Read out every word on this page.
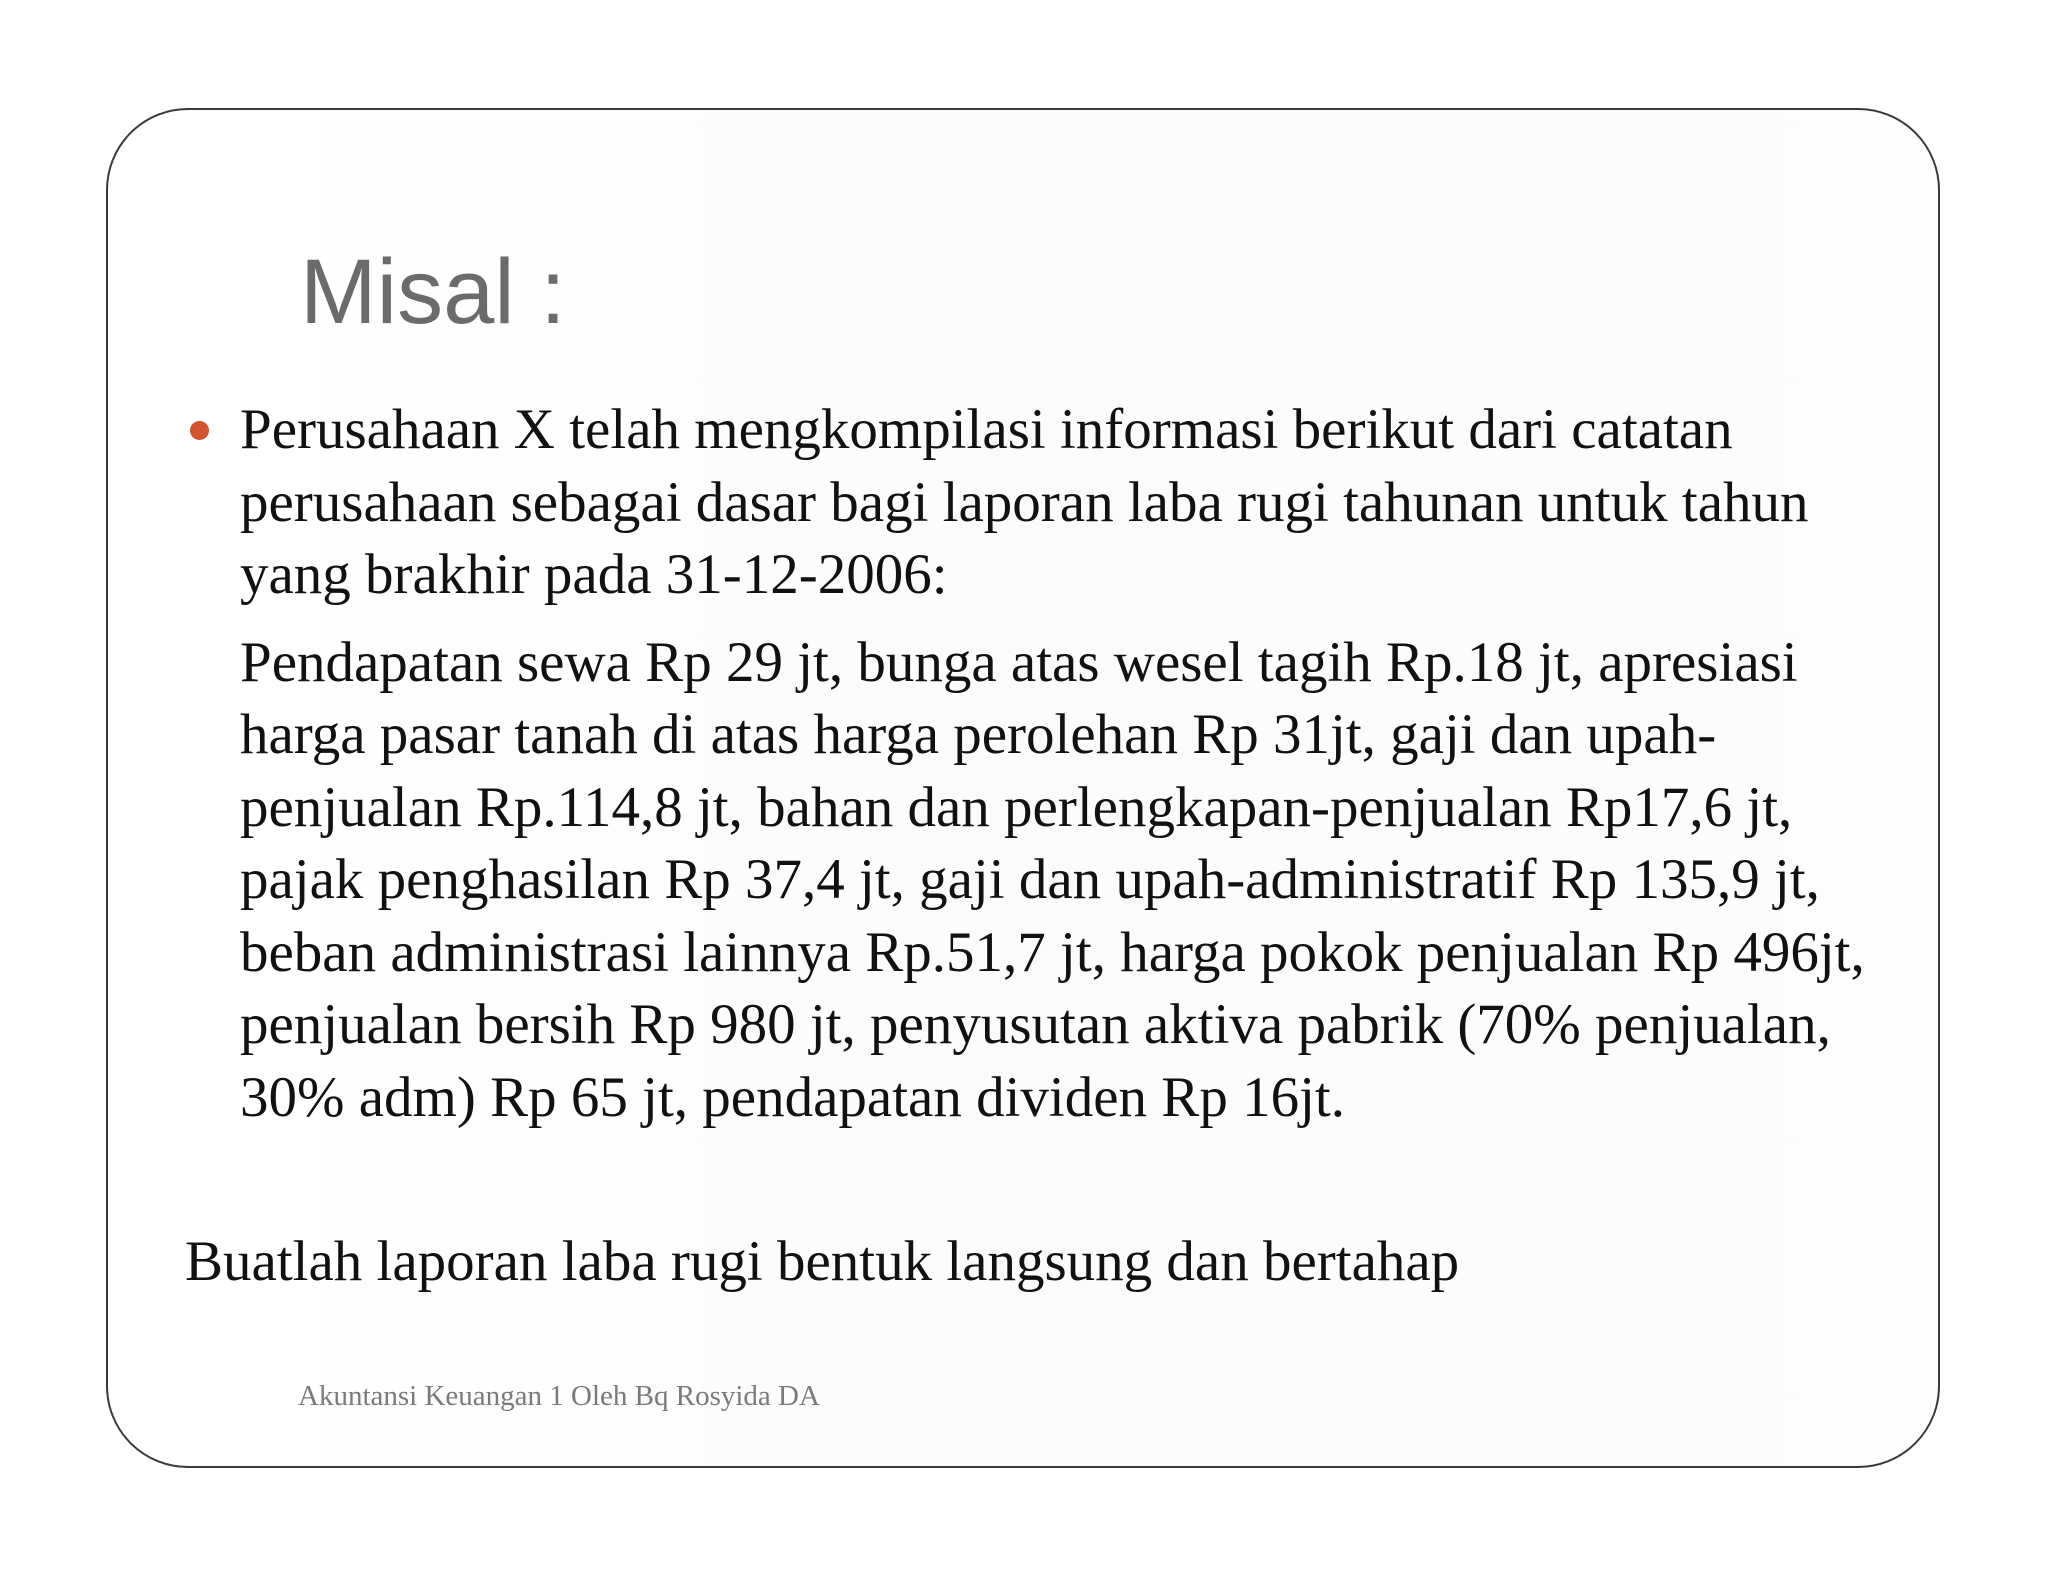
Misal :

Perusahaan X telah mengkompilasi informasi berikut dari catatan perusahaan sebagai dasar bagi laporan laba rugi tahunan untuk tahun yang brakhir pada 31-12-2006:

Pendapatan sewa Rp 29 jt, bunga atas wesel tagih Rp.18 jt, apresiasi harga pasar tanah di atas harga perolehan Rp 31jt, gaji dan upah-penjualan Rp.114,8 jt, bahan dan perlengkapan-penjualan Rp17,6 jt, pajak penghasilan Rp 37,4 jt, gaji dan upah-administratif Rp 135,9 jt, beban administrasi lainnya Rp.51,7 jt, harga pokok penjualan Rp 496jt, penjualan bersih Rp 980 jt, penyusutan aktiva pabrik (70% penjualan, 30% adm) Rp 65 jt, pendapatan dividen Rp 16jt.

Buatlah laporan laba rugi bentuk langsung dan bertahap

Akuntansi Keuangan 1 Oleh Bq Rosyida DA
